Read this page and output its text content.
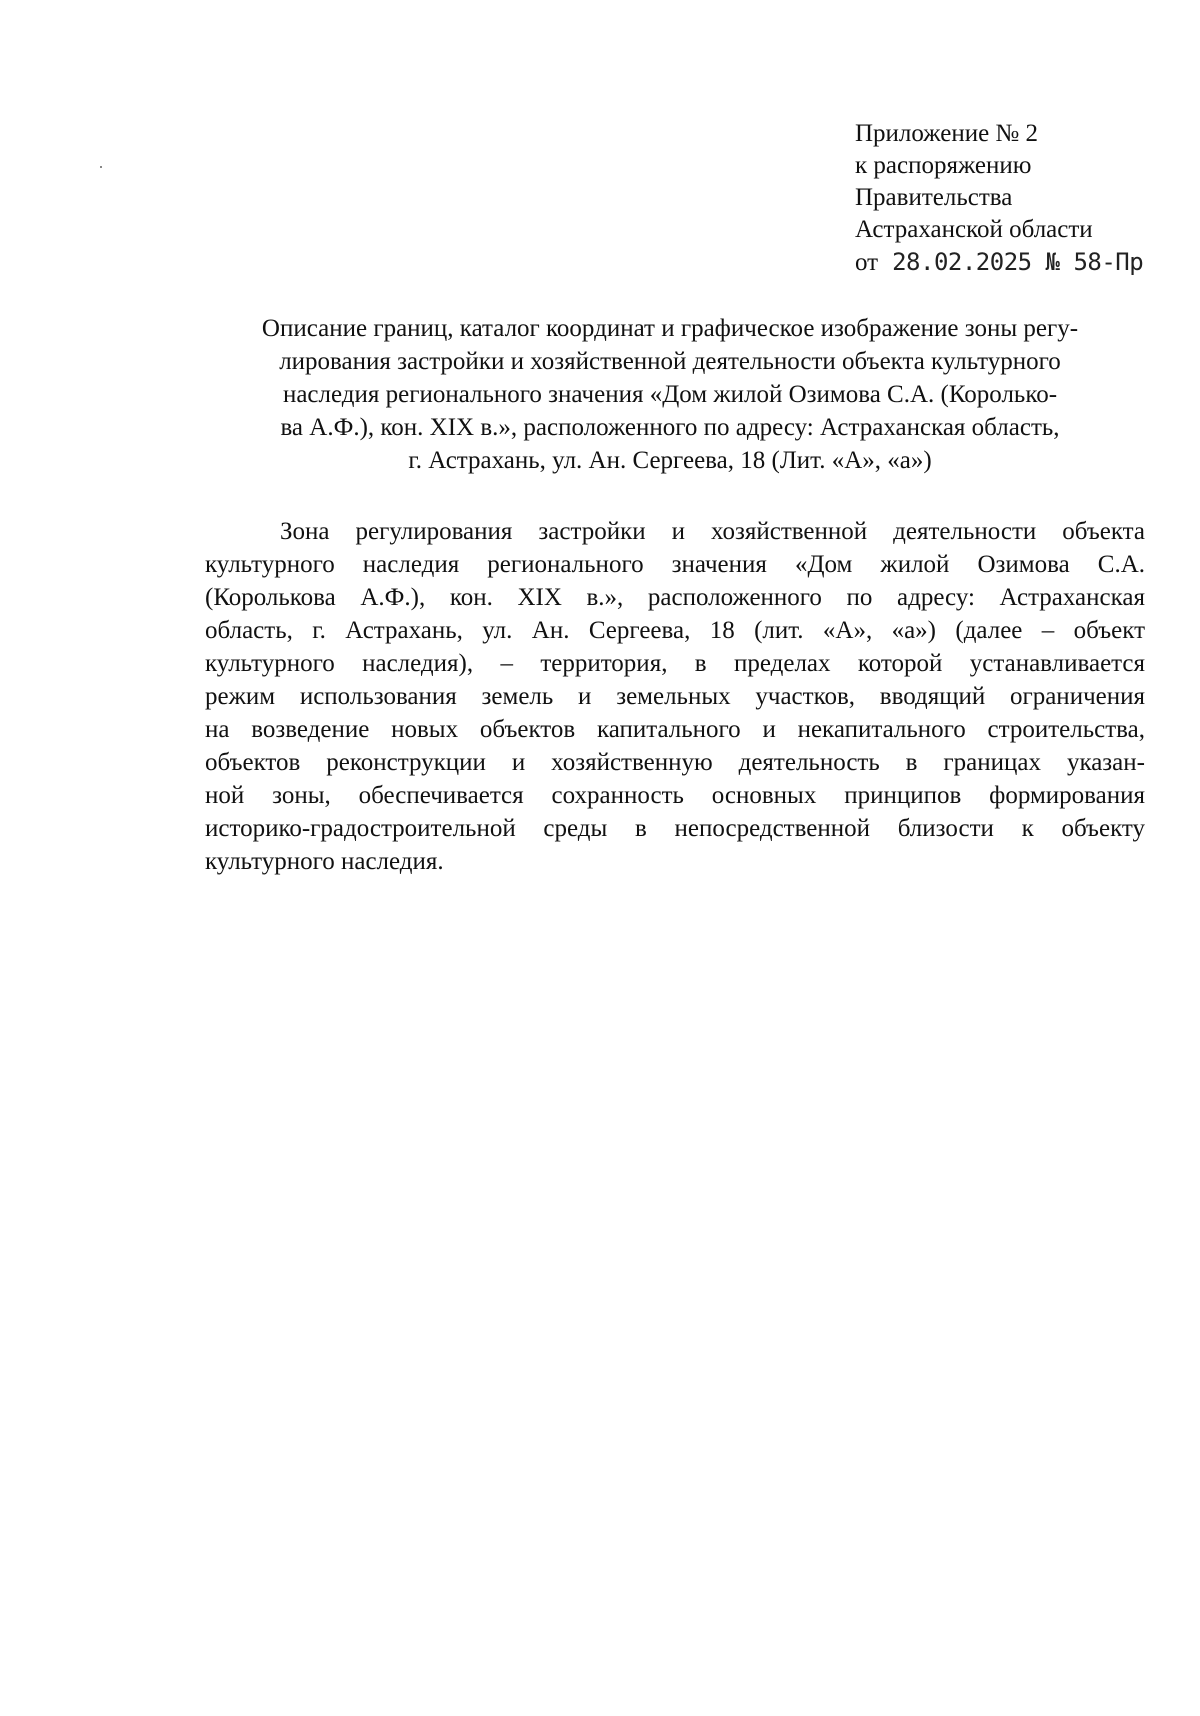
Приложение № 2
к распоряжению
Правительства
Астраханской области
от 28.02.2025 № 58-Пр
Описание границ, каталог координат и графическое изображение зоны регу-
лирования застройки и хозяйственной деятельности объекта культурного
наследия регионального значения «Дом жилой Озимова С.А. (Королько-
ва А.Ф.), кон. XIX в.», расположенного по адресу: Астраханская область,
г. Астрахань, ул. Ан. Сергеева, 18 (Лит. «А», «а»)
Зона регулирования застройки и хозяйственной деятельности объекта
культурного наследия регионального значения «Дом жилой Озимова С.А.
(Королькова А.Ф.), кон. XIX в.», расположенного по адресу: Астраханская
область, г. Астрахань, ул. Ан. Сергеева, 18 (лит. «А», «а») (далее – объект
культурного наследия), – территория, в пределах которой устанавливается
режим использования земель и земельных участков, вводящий ограничения
на возведение новых объектов капитального и некапитального строительства,
объектов реконструкции и хозяйственную деятельность в границах указан-
ной зоны, обеспечивается сохранность основных принципов формирования
историко-градостроительной среды в непосредственной близости к объекту
культурного наследия.
